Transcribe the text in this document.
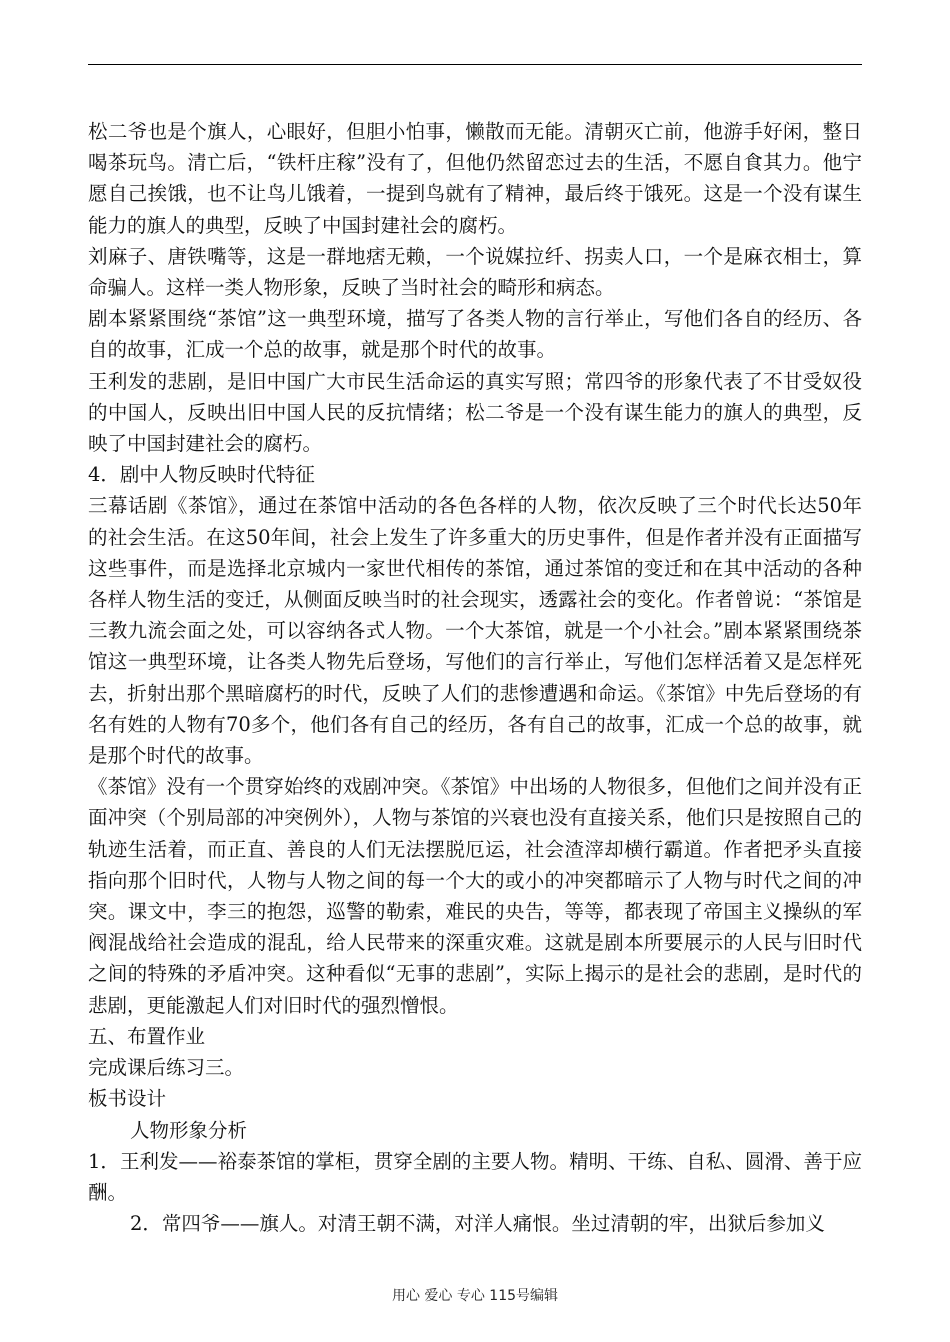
松二爷也是个旗人，心眼好，但胆小怕事，懒散而无能。清朝灭亡前，他游手好闲，整日喝茶玩鸟。清亡后，“铁杆庄稼”没有了，但他仍然留恋过去的生活，不愿自食其力。他宁愿自己挨饿，也不让鸟儿饿着，一提到鸟就有了精神，最后终于饿死。这是一个没有谋生能力的旗人的典型，反映了中国封建社会的腐朽。

刘麻子、唐铁嘴等，这是一群地痞无赖，一个说媒拉纤、拐卖人口，一个是麻衣相士，算命骗人。这样一类人物形象，反映了当时社会的畸形和病态。

剧本紧紧围绕“茶馆”这一典型环境，描写了各类人物的言行举止，写他们各自的经历、各自的故事，汇成一个总的故事，就是那个时代的故事。

王利发的悲剧，是旧中国广大市民生活命运的真实写照；常四爷的形象代表了不甘受奴役的中国人，反映出旧中国人民的反抗情绪；松二爷是一个没有谋生能力的旗人的典型，反映了中国封建社会的腐朽。

4．剧中人物反映时代特征

三幕话剧《茶馆》，通过在茶馆中活动的各色各样的人物，依次反映了三个时代长达50年的社会生活。在这50年间，社会上发生了许多重大的历史事件，但是作者并没有正面描写这些事件，而是选择北京城内一家世代相传的茶馆，通过茶馆的变迁和在其中活动的各种各样人物生活的变迁，从侧面反映当时的社会现实，透露社会的变化。作者曾说：“茶馆是三教九流会面之处，可以容纳各式人物。一个大茶馆，就是一个小社会。”剧本紧紧围绕茶馆这一典型环境，让各类人物先后登场，写他们的言行举止，写他们怎样活着又是怎样死去，折射出那个黑暗腐朽的时代，反映了人们的悲惨遭遇和命运。《茶馆》中先后登场的有名有姓的人物有70多个，他们各有自己的经历，各有自己的故事，汇成一个总的故事，就是那个时代的故事。

《茶馆》没有一个贯穿始终的戏剧冲突。《茶馆》中出场的人物很多，但他们之间并没有正面冲突（个别局部的冲突例外），人物与茶馆的兴衰也没有直接关系，他们只是按照自己的轨迹生活着，而正直、善良的人们无法摆脱厄运，社会渣滓却横行霸道。作者把矛头直接指向那个旧时代，人物与人物之间的每一个大的或小的冲突都暗示了人物与时代之间的冲突。课文中，李三的抱怨，巡警的勒索，难民的央告，等等，都表现了帝国主义操纵的军阀混战给社会造成的混乱，给人民带来的深重灾难。这就是剧本所要展示的人民与旧时代之间的特殊的矛盾冲突。这种看似“无事的悲剧”，实际上揭示的是社会的悲剧，是时代的悲剧，更能激起人们对旧时代的强烈憎恨。

五、布置作业

完成课后练习三。

板书设计

人物形象分析

1．王利发——裕泰茶馆的掌柜，贯穿全剧的主要人物。精明、干练、自私、圆滑、善于应酬。

2．常四爷——旗人。对清王朝不满，对洋人痛恨。坐过清朝的牢，出狱后参加义

用心 爱心 专心 115号编辑
